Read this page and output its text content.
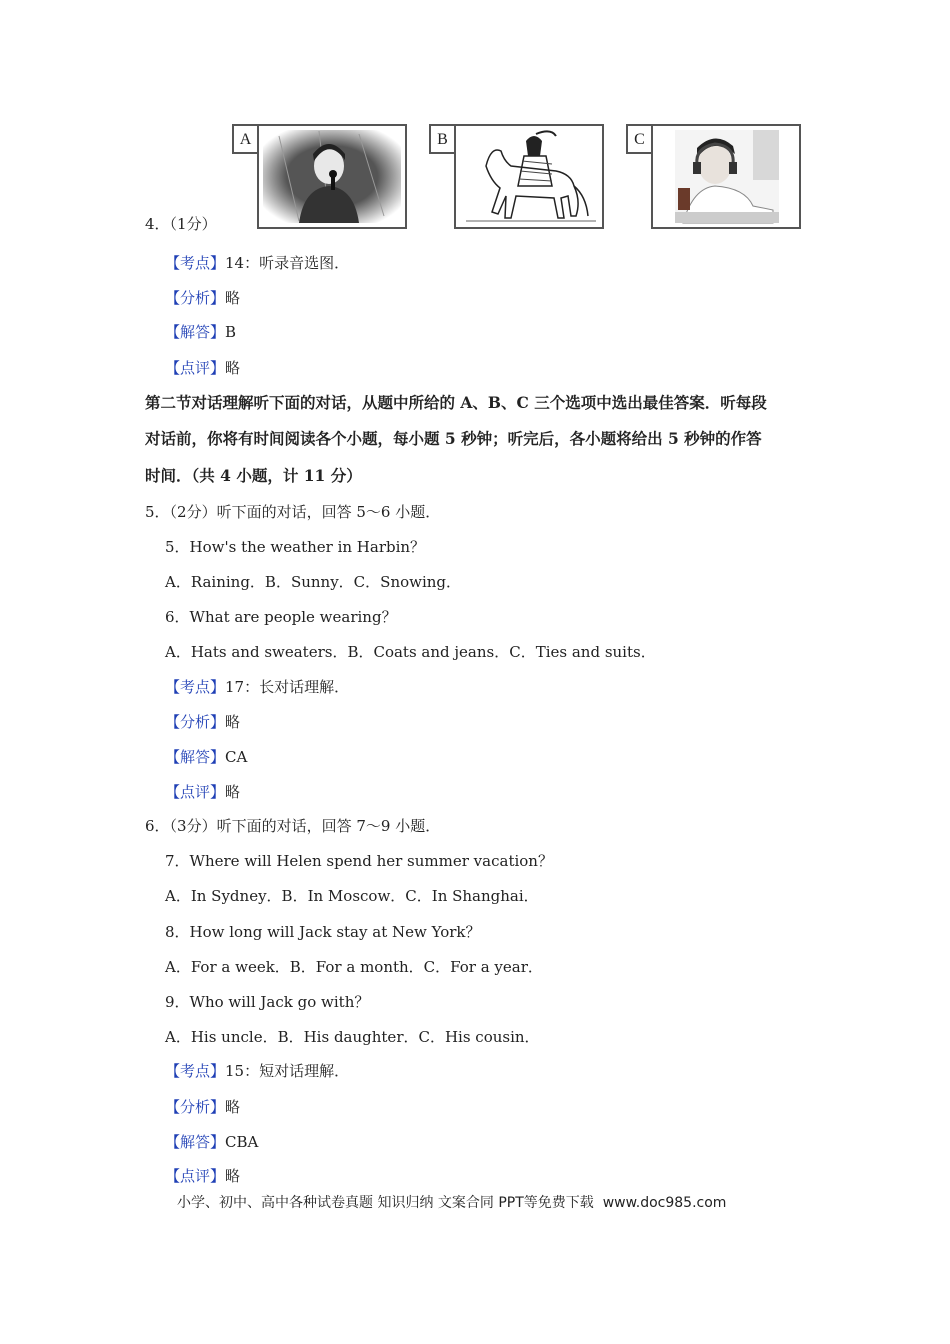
A	B	C
4．（1分）
【考点】14：听录音选图．
【分析】略
【解答】B
【点评】略
第二节对话理解听下面的对话，从题中所给的 A、B、C 三个选项中选出最佳答案．听每段
对话前，你将有时间阅读各个小题，每小题 5 秒钟；听完后，各小题将给出 5 秒钟的作答
时间．（共 4 小题，计 11 分）
5．（2分）听下面的对话，回答 5～6 小题．
5．How's the weather in Harbin？
A．Raining．B．Sunny．C．Snowing．
6．What are people wearing？
A．Hats and sweaters．B．Coats and jeans．C．Ties and suits．
【考点】17：长对话理解．
【分析】略
【解答】CA
【点评】略
6．（3分）听下面的对话，回答 7～9 小题．
7．Where will Helen spend her summer vacation？
A．In Sydney．B．In Moscow．C．In Shanghai．
8．How long will Jack stay at New York？
A．For a week．B．For a month．C．For a year．
9．Who will Jack go with？
A．His uncle．B．His daughter．C．His cousin．
【考点】15：短对话理解．
【分析】略
【解答】CBA
【点评】略
小学、初中、高中各种试卷真题 知识归纳 文案合同 PPT等免费下载 www.doc985.com
